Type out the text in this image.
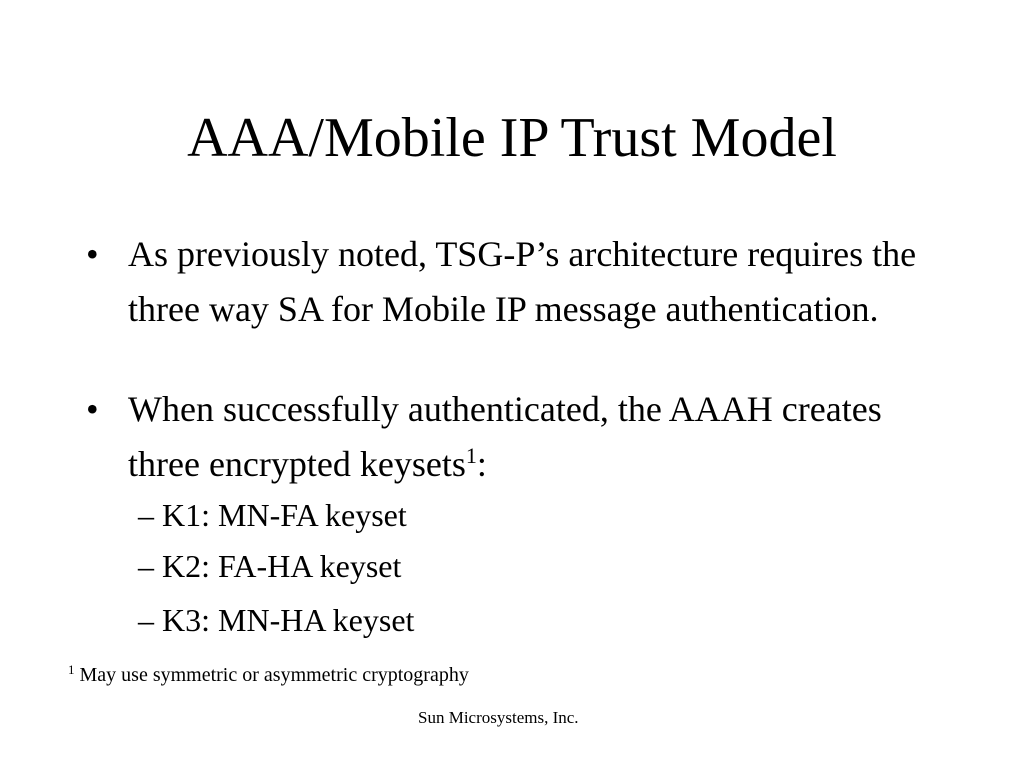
AAA/Mobile IP Trust Model
• As previously noted, TSG-P’s architecture requires the three way SA for Mobile IP message authentication.
• When successfully authenticated, the AAAH creates three encrypted keysets$^1$:
– K1: MN-FA keyset
– K2: FA-HA keyset
– K3: MN-HA keyset
$^1$ May use symmetric or asymmetric cryptography
Sun Microsystems, Inc.
